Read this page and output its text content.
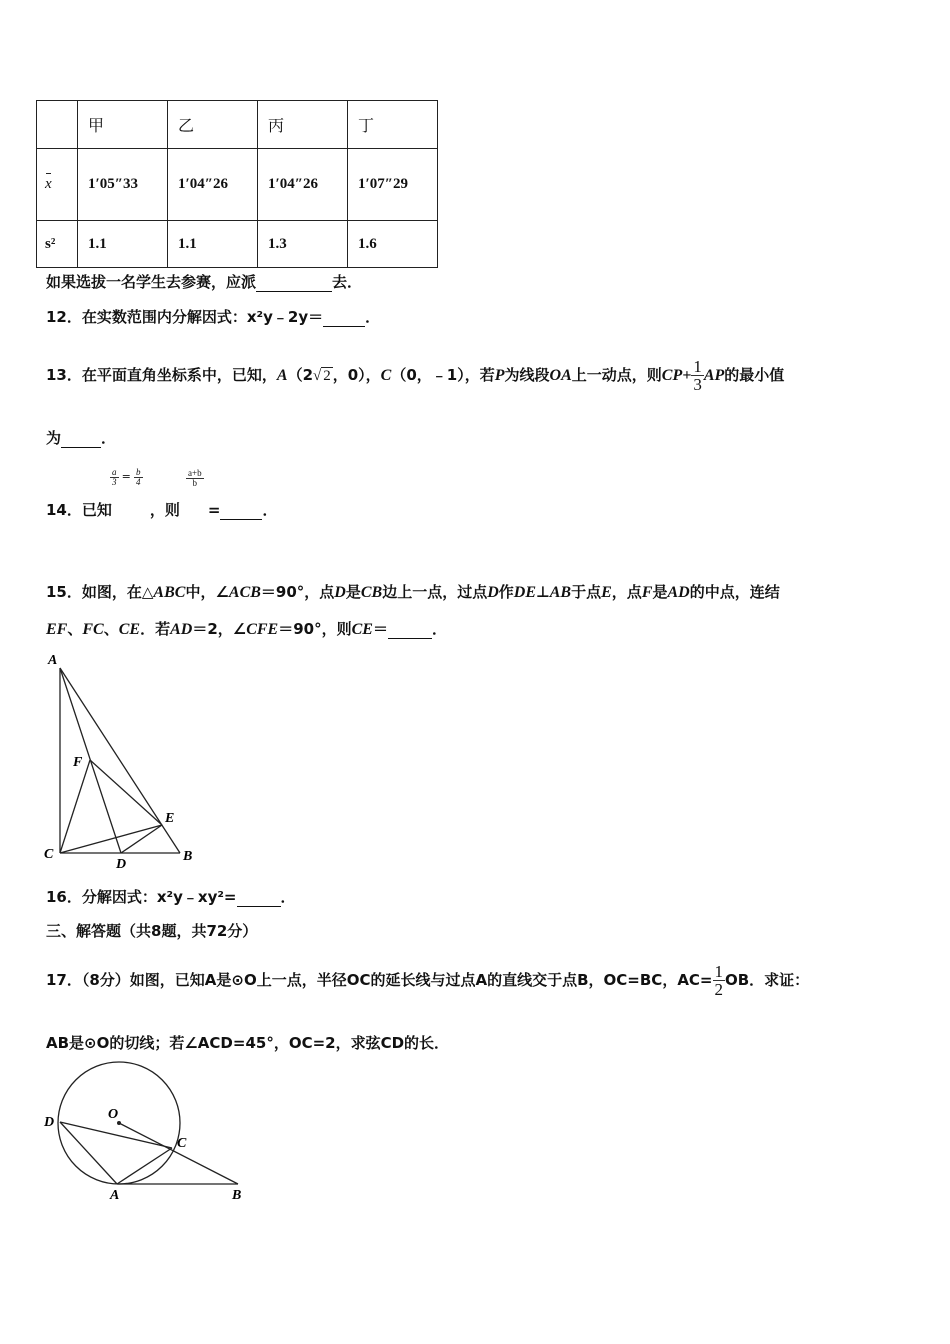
	甲	乙	丙	丁
x	1′05″33	1′04″26	1′04″26	1′07″29
s²	1.1	1.1	1.3	1.6
如果选拔一名学生去参赛，应派	去．
12．在实数范围内分解因式：x²y﹣2y＝	．
13．在平面直角坐标系中，已知，A（2√ 2 ，0），C（0，﹣1），若P为线段OA上一动点，则$CP+ \frac{1}{3}$ AP的最小值
为	．
$\frac{a}{3} = \frac{b}{4}$	$\frac{a+b}{b}$
14．已知	，则 =	．
15．如图，在△ABC中，∠ACB＝90°，点D是CB边上一点，过点D作DE⊥AB于点E，点F是AD的中点，连结
EF、FC、CE．若AD＝2，∠CFE＝90°，则CE＝	．
A
F
E
C
D
B
16．分解因式：x²y﹣xy²=	．
三、解答题（共8题，共72分）
17．（8分）如图，已知A是⊙O上一点，半径OC的延长线与过点A的直线交于点B，OC=BC，$AC= \frac{1}{2}$ OB．求证：
AB是⊙O的切线；若∠ACD=45°，OC=2，求弦CD的长．
O
D
C
A	B
